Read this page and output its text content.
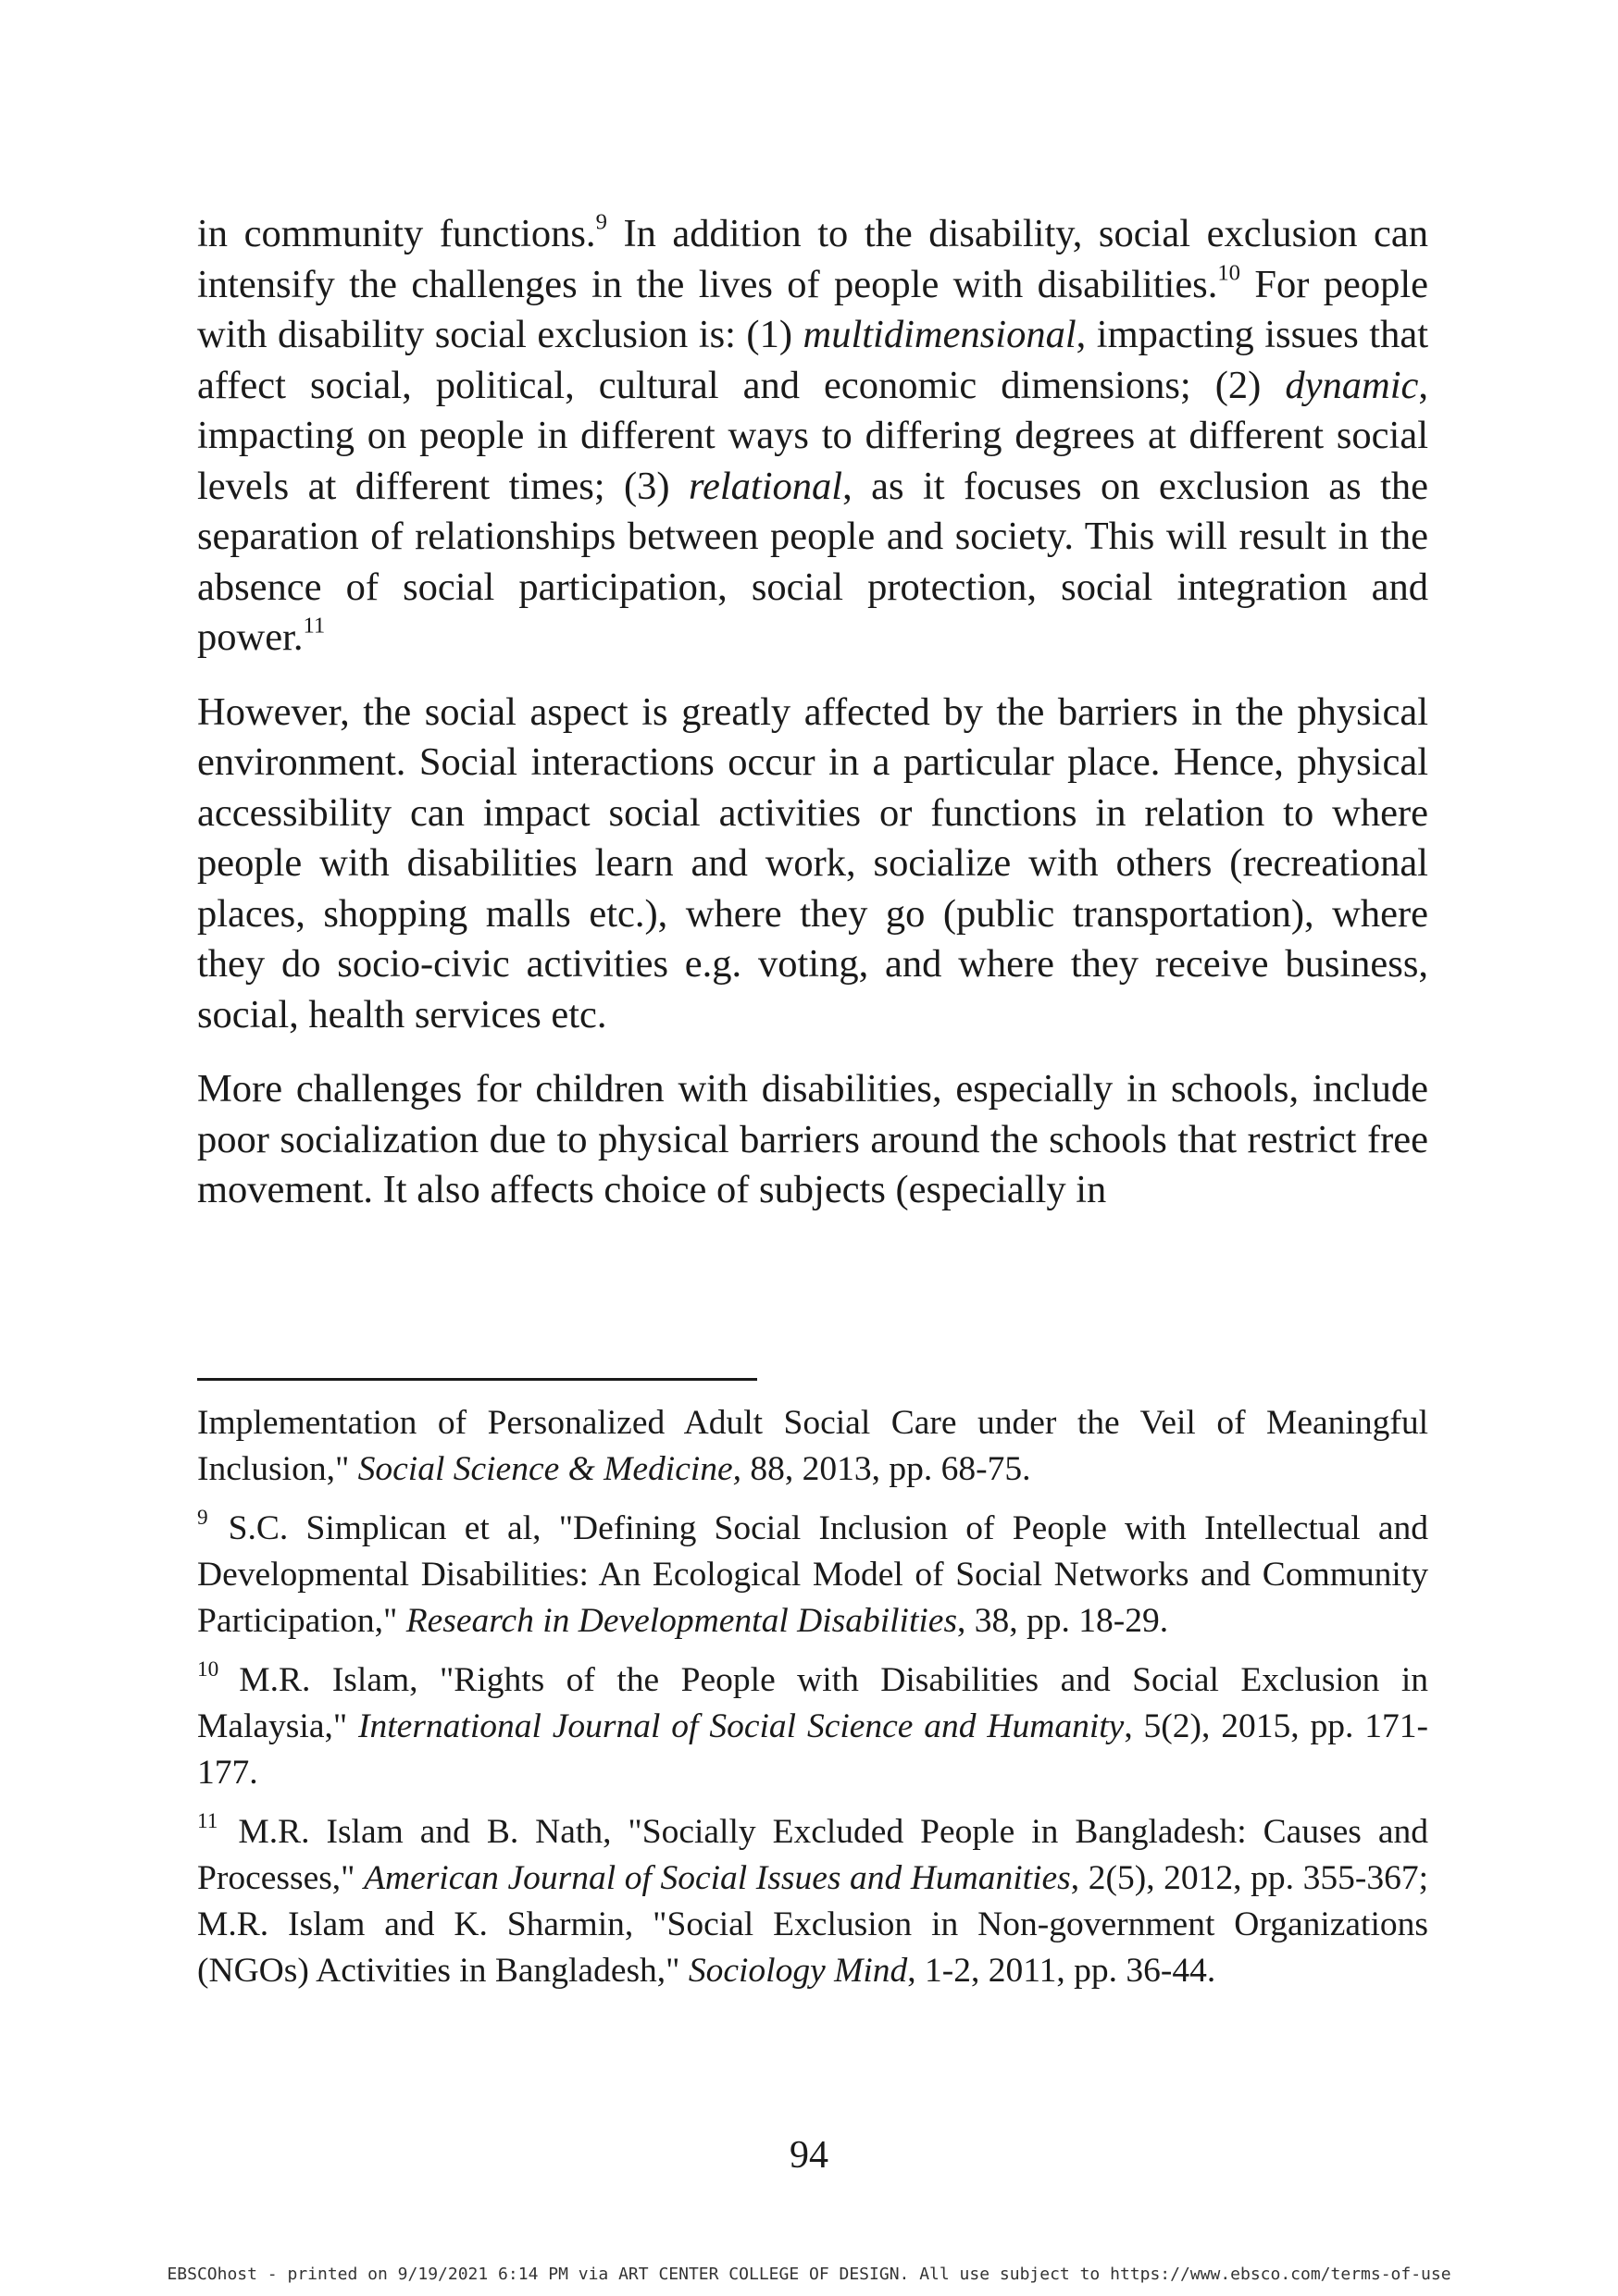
in community functions.$^9$ In addition to the disability, social exclusion can intensify the challenges in the lives of people with disabilities.$^{10}$ For people with disability social exclusion is: (1) multidimensional, impacting issues that affect social, political, cultural and economic dimensions; (2) dynamic, impacting on people in different ways to differing degrees at different social levels at different times; (3) relational, as it focuses on exclusion as the separation of relationships between people and society. This will result in the absence of social participation, social protection, social integration and power.$^{11}$

However, the social aspect is greatly affected by the barriers in the physical environment. Social interactions occur in a particular place. Hence, physical accessibility can impact social activities or functions in relation to where people with disabilities learn and work, socialize with others (recreational places, shopping malls etc.), where they go (public transportation), where they do socio-civic activities e.g. voting, and where they receive business, social, health services etc.

More challenges for children with disabilities, especially in schools, include poor socialization due to physical barriers around the schools that restrict free movement. It also affects choice of subjects (especially in

Implementation of Personalized Adult Social Care under the Veil of Meaningful Inclusion," Social Science & Medicine, 88, 2013, pp. 68-75.
$^9$ S.C. Simplican et al, "Defining Social Inclusion of People with Intellectual and Developmental Disabilities: An Ecological Model of Social Networks and Community Participation," Research in Developmental Disabilities, 38, pp. 18-29.
$^{10}$ M.R. Islam, "Rights of the People with Disabilities and Social Exclusion in Malaysia," International Journal of Social Science and Humanity, 5(2), 2015, pp. 171-177.
$^{11}$ M.R. Islam and B. Nath, "Socially Excluded People in Bangladesh: Causes and Processes," American Journal of Social Issues and Humanities, 2(5), 2012, pp. 355-367; M.R. Islam and K. Sharmin, "Social Exclusion in Non-government Organizations (NGOs) Activities in Bangladesh," Sociology Mind, 1-2, 2011, pp. 36-44.
94
EBSCOhost - printed on 9/19/2021 6:14 PM via ART CENTER COLLEGE OF DESIGN. All use subject to https://www.ebsco.com/terms-of-use
